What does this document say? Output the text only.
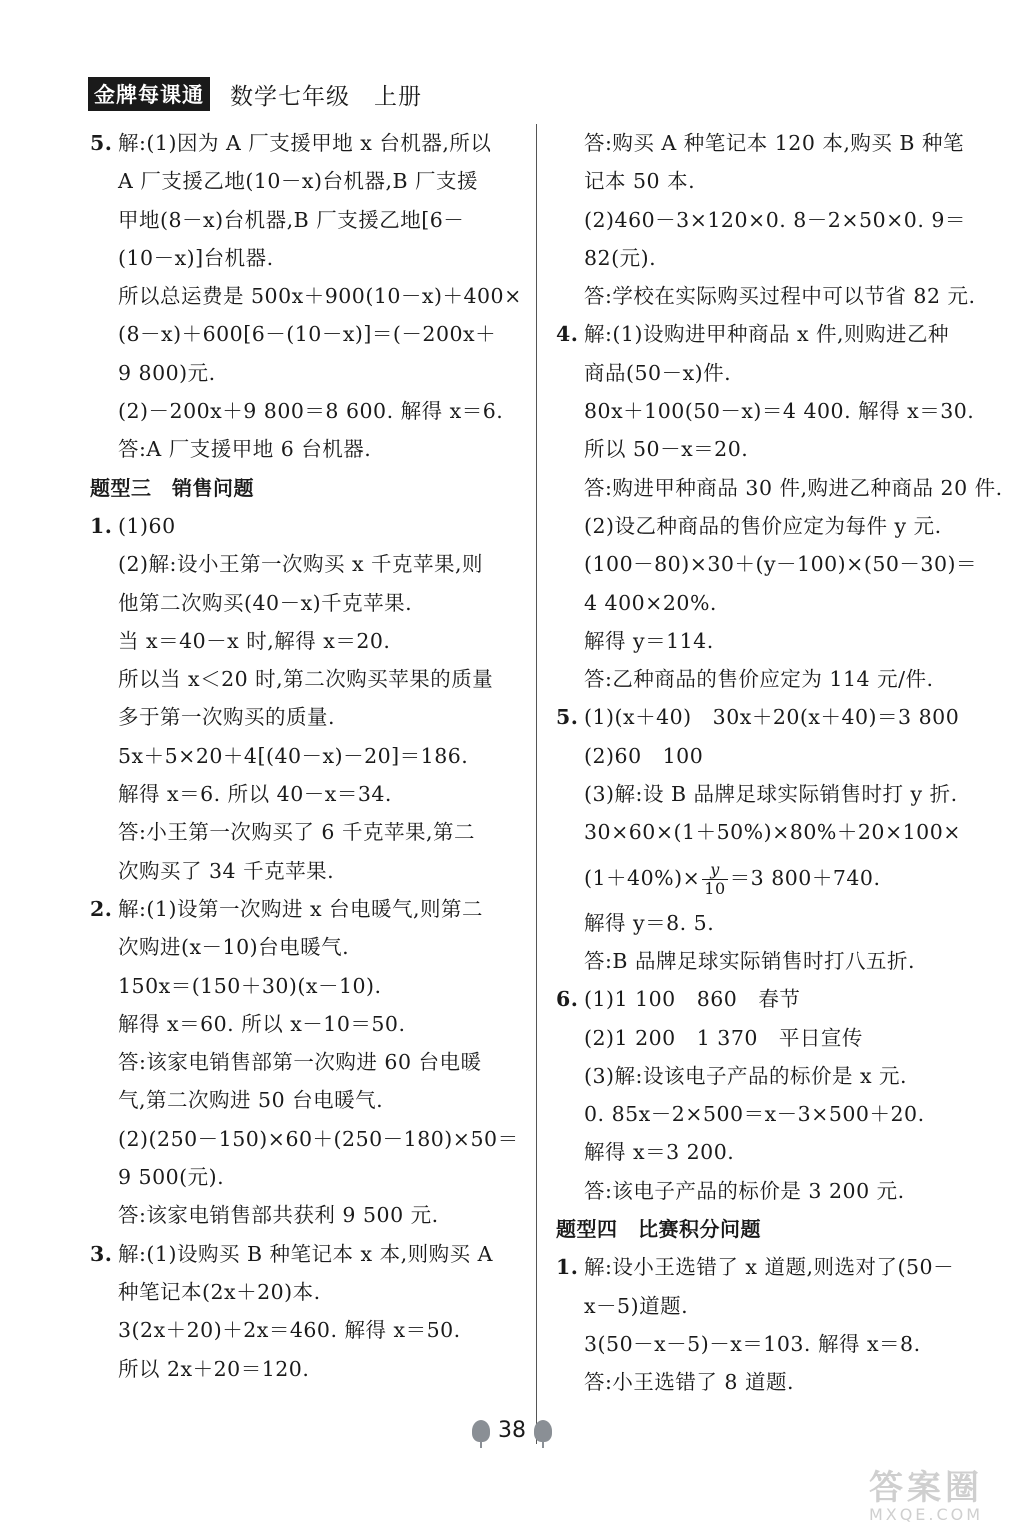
金牌每课通 数学七年级　上册
5. 解:(1)因为 A 厂支援甲地 x 台机器,所以
A 厂支援乙地(10－x)台机器,B 厂支援
甲地(8－x)台机器,B 厂支援乙地[6－
(10－x)]台机器.
所以总运费是 500x＋900(10－x)＋400×
(8－x)＋600[6－(10－x)]＝(－200x＋
9 800)元.
(2)－200x＋9 800＝8 600. 解得 x＝6.
答:A 厂支援甲地 6 台机器.
题型三　销售问题
1. (1)60
(2)解:设小王第一次购买 x 千克苹果,则
他第二次购买(40－x)千克苹果.
当 x＝40－x 时,解得 x＝20.
所以当 x＜20 时,第二次购买苹果的质量
多于第一次购买的质量.
5x＋5×20＋4[(40－x)－20]＝186.
解得 x＝6. 所以 40－x＝34.
答:小王第一次购买了 6 千克苹果,第二
次购买了 34 千克苹果.
2. 解:(1)设第一次购进 x 台电暖气,则第二
次购进(x－10)台电暖气.
150x＝(150＋30)(x－10).
解得 x＝60. 所以 x－10＝50.
答:该家电销售部第一次购进 60 台电暖
气,第二次购进 50 台电暖气.
(2)(250－150)×60＋(250－180)×50＝
9 500(元).
答:该家电销售部共获利 9 500 元.
3. 解:(1)设购买 B 种笔记本 x 本,则购买 A
种笔记本(2x＋20)本.
3(2x＋20)＋2x＝460. 解得 x＝50.
所以 2x＋20＝120.
答:购买 A 种笔记本 120 本,购买 B 种笔
记本 50 本.
(2)460－3×120×0. 8－2×50×0. 9＝
82(元).
答:学校在实际购买过程中可以节省 82 元.
4. 解:(1)设购进甲种商品 x 件,则购进乙种
商品(50－x)件.
80x＋100(50－x)＝4 400. 解得 x＝30.
所以 50－x＝20.
答:购进甲种商品 30 件,购进乙种商品 20 件.
(2)设乙种商品的售价应定为每件 y 元.
(100－80)×30＋(y－100)×(50－30)＝
4 400×20%.
解得 y＝114.
答:乙种商品的售价应定为 114 元/件.
5. (1)(x＋40)　30x＋20(x＋40)＝3 800
(2)60　100
(3)解:设 B 品牌足球实际销售时打 y 折.
30×60×(1＋50%)×80%＋20×100×
$(1+40\%)\times \frac{y}{10} =3$ 800＋740.
解得 y＝8. 5.
答:B 品牌足球实际销售时打八五折.
6. (1)1 100　860　春节
(2)1 200　1 370　平日宣传
(3)解:设该电子产品的标价是 x 元.
0. 85x－2×500＝x－3×500＋20.
解得 x＝3 200.
答:该电子产品的标价是 3 200 元.
题型四　比赛积分问题
1. 解:设小王选错了 x 道题,则选对了(50－
x－5)道题.
3(50－x－5)－x＝103. 解得 x＝8.
答:小王选错了 8 道题.
38
答案圈
MXQE.COM
